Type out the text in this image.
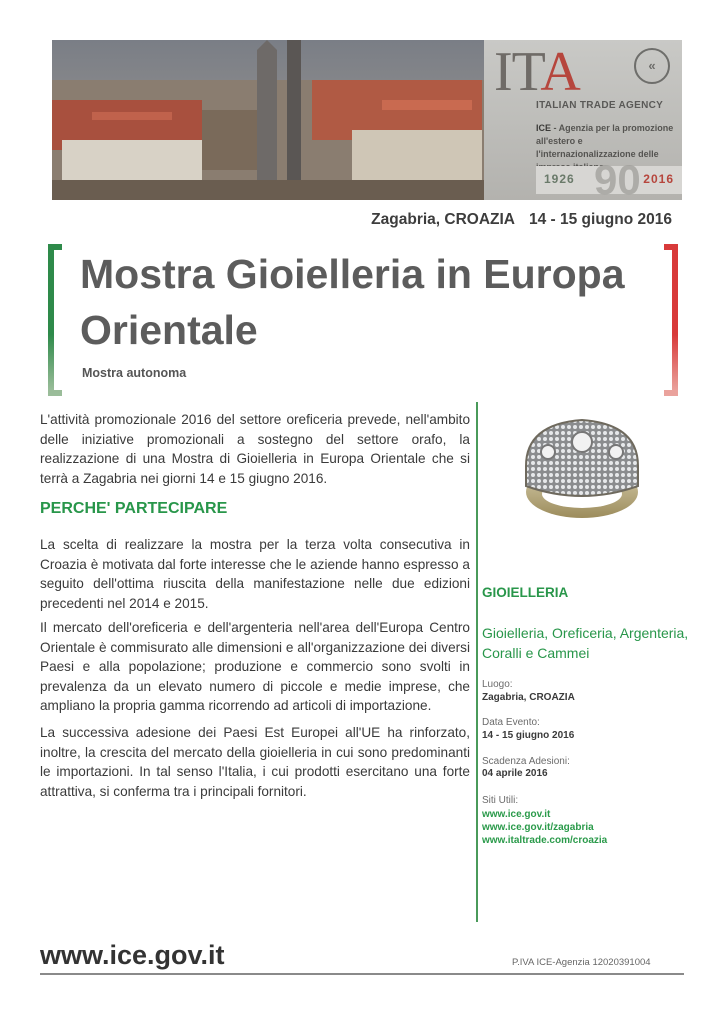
ITA	«
ITALIAN TRADE AGENCY
ICE - Agenzia per la promozione all'estero e l'internazionalizzazione delle
90
1926	2016
Zagabria, CROAZIA 14 - 15 giugno 2016
Mostra Gioielleria in Europa Orientale
Mostra autonoma
L'attività promozionale 2016 del settore oreficeria prevede, nell'ambito delle iniziative promozionali a sostegno del settore orafo, la realizzazione di una Mostra di Gioielleria in Europa Orientale che si terrà a Zagabria nei giorni 14 e 15 giugno 2016.
PERCHE' PARTECIPARE
La scelta di realizzare la mostra per la terza volta consecutiva in Croazia è motivata dal forte interesse che le aziende hanno espresso a seguito dell'ottima riuscita della manifestazione nelle due edizioni precedenti nel 2014 e 2015.
Il mercato dell'oreficeria e dell'argenteria nell'area dell'Europa Centro Orientale è commisurato alle dimensioni e all'organizzazione dei diversi Paesi e alla popolazione; produzione e commercio sono svolti in prevalenza da un elevato numero di piccole e medie imprese, che ampliano la propria gamma ricorrendo ad articoli di importazione.
La successiva adesione dei Paesi Est Europei all'UE ha rinforzato, inoltre, la crescita del mercato della gioielleria in cui sono predominanti le importazioni. In tal senso l'Italia, i cui prodotti esercitano una forte attrattiva, si conferma tra i principali fornitori.
GIOIELLERIA
Gioielleria, Oreficeria, Argenteria, Coralli e Cammei
Luogo:
Zagabria, CROAZIA
Data Evento:
14 - 15 giugno 2016
Scadenza Adesioni:
04 aprile 2016
Siti Utili:
www.ice.gov.it
www.ice.gov.it/zagabria
www.italtrade.com/croazia
www.ice.gov.it	P.IVA ICE-Agenzia 12020391004
